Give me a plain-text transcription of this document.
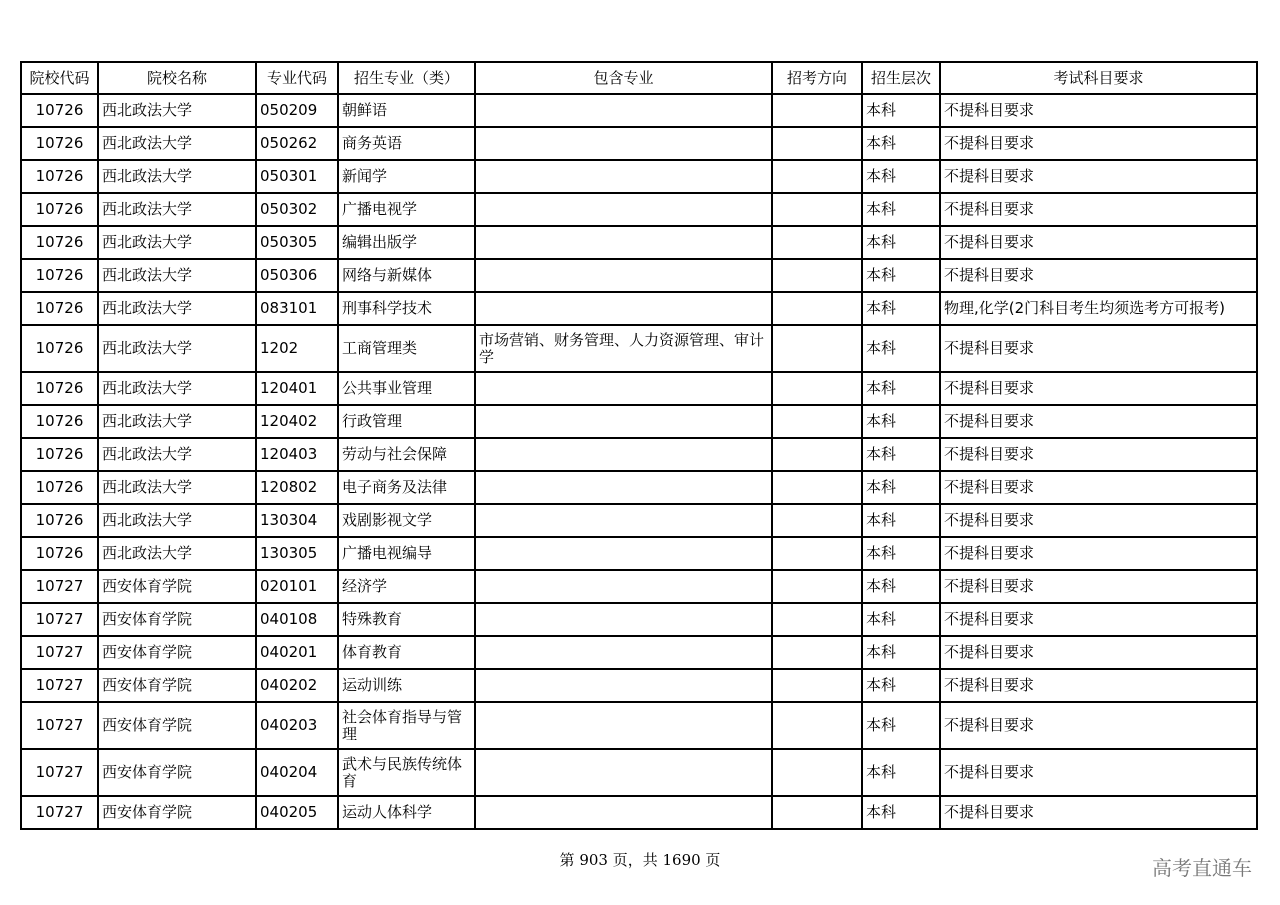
院校代码	院校名称	专业代码	招生专业（类）	包含专业	招考方向	招生层次	考试科目要求
10726	西北政法大学	050209	朝鲜语			本科	不提科目要求
10726	西北政法大学	050262	商务英语			本科	不提科目要求
10726	西北政法大学	050301	新闻学			本科	不提科目要求
10726	西北政法大学	050302	广播电视学			本科	不提科目要求
10726	西北政法大学	050305	编辑出版学			本科	不提科目要求
10726	西北政法大学	050306	网络与新媒体			本科	不提科目要求
10726	西北政法大学	083101	刑事科学技术			本科	物理,化学(2门科目考生均须选考方可报考)
10726	西北政法大学	1202	工商管理类	市场营销、财务管理、人力资源管理、审计学		本科	不提科目要求
10726	西北政法大学	120401	公共事业管理			本科	不提科目要求
10726	西北政法大学	120402	行政管理			本科	不提科目要求
10726	西北政法大学	120403	劳动与社会保障			本科	不提科目要求
10726	西北政法大学	120802	电子商务及法律			本科	不提科目要求
10726	西北政法大学	130304	戏剧影视文学			本科	不提科目要求
10726	西北政法大学	130305	广播电视编导			本科	不提科目要求
10727	西安体育学院	020101	经济学			本科	不提科目要求
10727	西安体育学院	040108	特殊教育			本科	不提科目要求
10727	西安体育学院	040201	体育教育			本科	不提科目要求
10727	西安体育学院	040202	运动训练			本科	不提科目要求
10727	西安体育学院	040203	社会体育指导与管理			本科	不提科目要求
10727	西安体育学院	040204	武术与民族传统体育			本科	不提科目要求
10727	西安体育学院	040205	运动人体科学			本科	不提科目要求
第 903 页，共 1690 页	高考直通车
